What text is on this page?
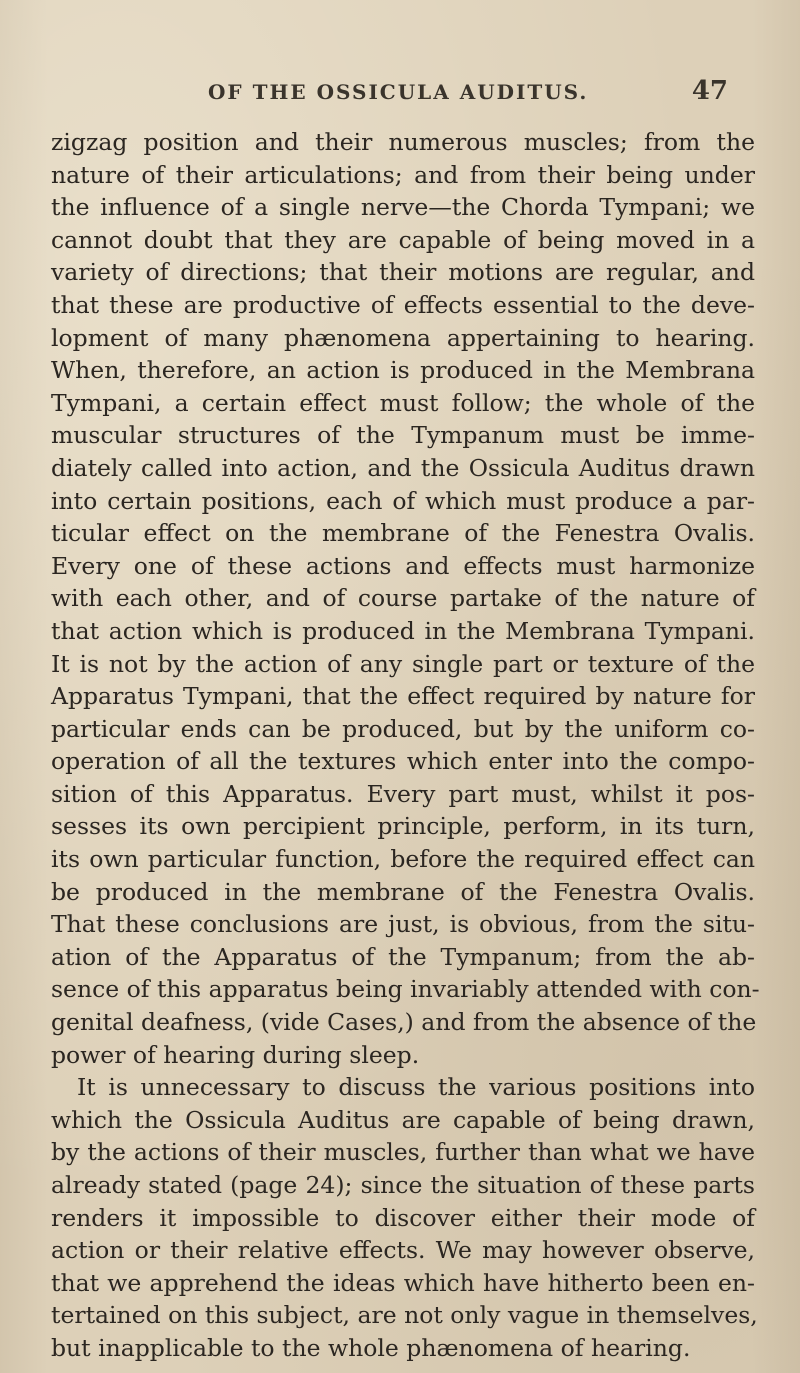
OF THE OSSICULA AUDITUS.	47
zigzag position and their numerous muscles; from the
nature of their articulations; and from their being under
the influence of a single nerve—the Chorda Tympani; we
cannot doubt that they are capable of being moved in a
variety of directions; that their motions are regular, and
that these are productive of effects essential to the deve-
lopment of many phænomena appertaining to hearing.
When, therefore, an action is produced in the Membrana
Tympani, a certain effect must follow; the whole of the
muscular structures of the Tympanum must be imme-
diately called into action, and the Ossicula Auditus drawn
into certain positions, each of which must produce a par-
ticular effect on the membrane of the Fenestra Ovalis.
Every one of these actions and effects must harmonize
with each other, and of course partake of the nature of
that action which is produced in the Membrana Tympani.
It is not by the action of any single part or texture of the
Apparatus Tympani, that the effect required by nature for
particular ends can be produced, but by the uniform co-
operation of all the textures which enter into the compo-
sition of this Apparatus. Every part must, whilst it pos-
sesses its own percipient principle, perform, in its turn,
its own particular function, before the required effect can
be produced in the membrane of the Fenestra Ovalis.
That these conclusions are just, is obvious, from the situ-
ation of the Apparatus of the Tympanum; from the ab-
sence of this apparatus being invariably attended with con-
genital deafness, (vide Cases,) and from the absence of the
power of hearing during sleep.
It is unnecessary to discuss the various positions into
which the Ossicula Auditus are capable of being drawn,
by the actions of their muscles, further than what we have
already stated (page 24); since the situation of these parts
renders it impossible to discover either their mode of
action or their relative effects. We may however observe,
that we apprehend the ideas which have hitherto been en-
tertained on this subject, are not only vague in themselves,
but inapplicable to the whole phænomena of hearing.
